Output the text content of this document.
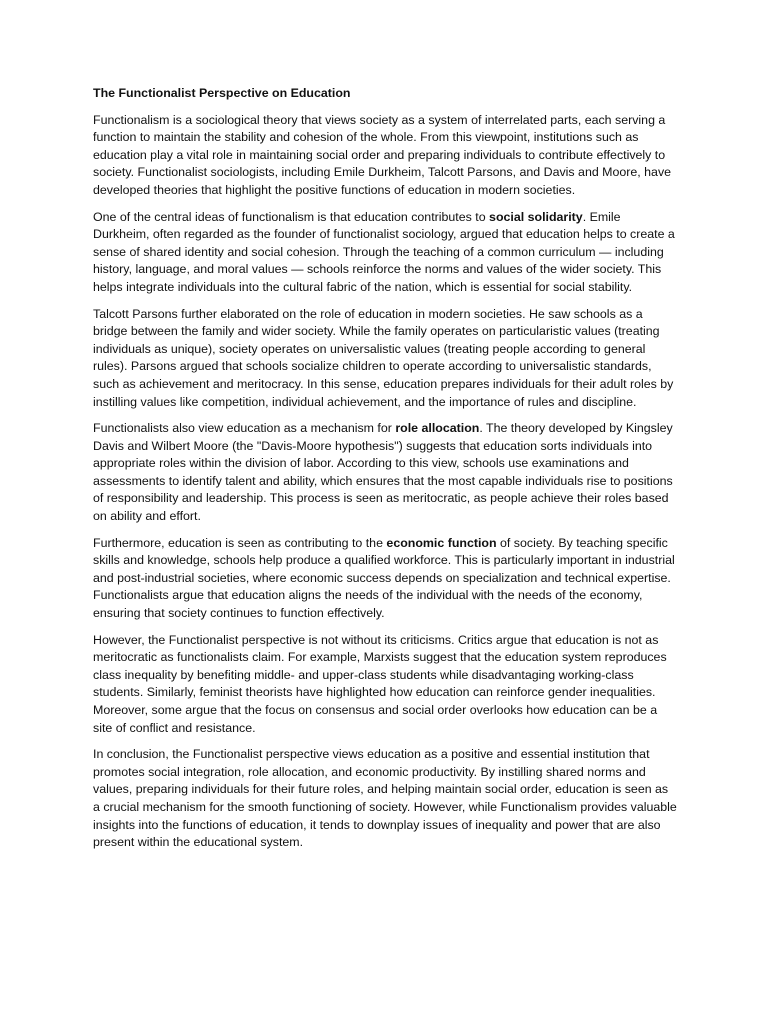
The Functionalist Perspective on Education

Functionalism is a sociological theory that views society as a system of interrelated parts, each serving a function to maintain the stability and cohesion of the whole. From this viewpoint, institutions such as education play a vital role in maintaining social order and preparing individuals to contribute effectively to society. Functionalist sociologists, including Emile Durkheim, Talcott Parsons, and Davis and Moore, have developed theories that highlight the positive functions of education in modern societies.

One of the central ideas of functionalism is that education contributes to social solidarity. Emile Durkheim, often regarded as the founder of functionalist sociology, argued that education helps to create a sense of shared identity and social cohesion. Through the teaching of a common curriculum — including history, language, and moral values — schools reinforce the norms and values of the wider society. This helps integrate individuals into the cultural fabric of the nation, which is essential for social stability.

Talcott Parsons further elaborated on the role of education in modern societies. He saw schools as a bridge between the family and wider society. While the family operates on particularistic values (treating individuals as unique), society operates on universalistic values (treating people according to general rules). Parsons argued that schools socialize children to operate according to universalistic standards, such as achievement and meritocracy. In this sense, education prepares individuals for their adult roles by instilling values like competition, individual achievement, and the importance of rules and discipline.

Functionalists also view education as a mechanism for role allocation. The theory developed by Kingsley Davis and Wilbert Moore (the "Davis-Moore hypothesis") suggests that education sorts individuals into appropriate roles within the division of labor. According to this view, schools use examinations and assessments to identify talent and ability, which ensures that the most capable individuals rise to positions of responsibility and leadership. This process is seen as meritocratic, as people achieve their roles based on ability and effort.

Furthermore, education is seen as contributing to the economic function of society. By teaching specific skills and knowledge, schools help produce a qualified workforce. This is particularly important in industrial and post-industrial societies, where economic success depends on specialization and technical expertise. Functionalists argue that education aligns the needs of the individual with the needs of the economy, ensuring that society continues to function effectively.

However, the Functionalist perspective is not without its criticisms. Critics argue that education is not as meritocratic as functionalists claim. For example, Marxists suggest that the education system reproduces class inequality by benefiting middle- and upper-class students while disadvantaging working-class students. Similarly, feminist theorists have highlighted how education can reinforce gender inequalities. Moreover, some argue that the focus on consensus and social order overlooks how education can be a site of conflict and resistance.

In conclusion, the Functionalist perspective views education as a positive and essential institution that promotes social integration, role allocation, and economic productivity. By instilling shared norms and values, preparing individuals for their future roles, and helping maintain social order, education is seen as a crucial mechanism for the smooth functioning of society. However, while Functionalism provides valuable insights into the functions of education, it tends to downplay issues of inequality and power that are also present within the educational system.
